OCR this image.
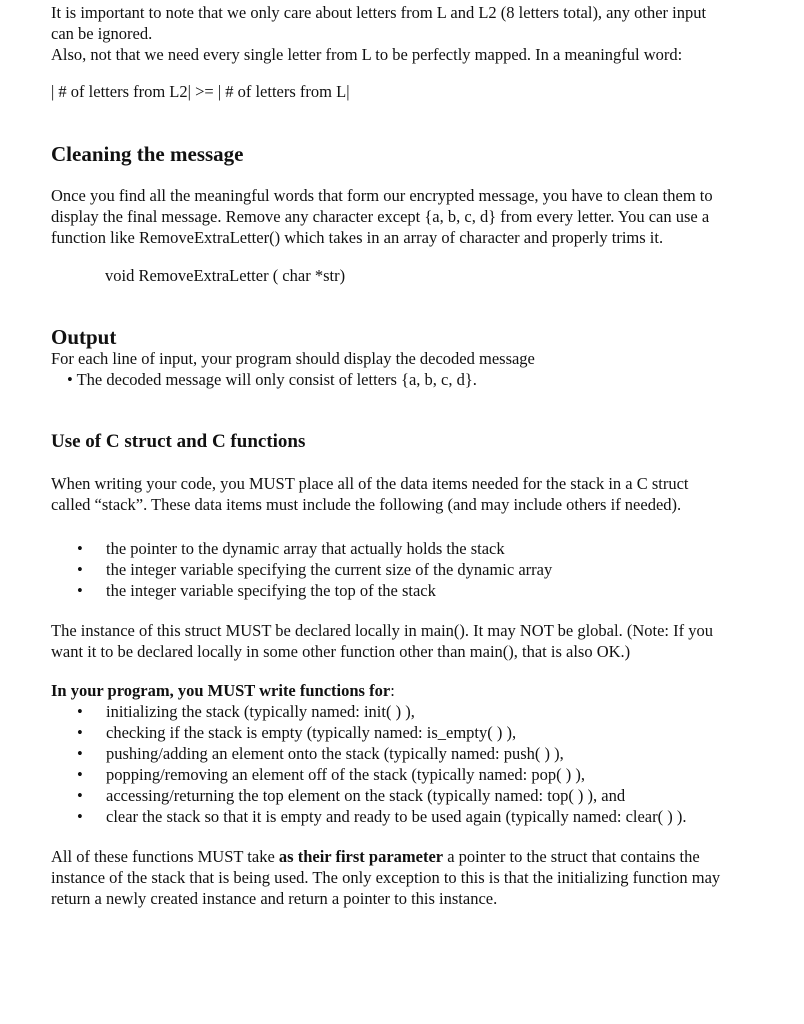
It is important to note that we only care about letters from L and L2 (8 letters total), any other input
can be ignored.
Also, not that we need every single letter from L to be perfectly mapped. In a meaningful word:
| # of letters from L2| >= | # of letters from L|
Cleaning the message
Once you find all the meaningful words that form our encrypted message, you have to clean them to
display the final message. Remove any character except {a, b, c, d} from every letter. You can use a
function like RemoveExtraLetter() which takes in an array of character and properly trims it.
void RemoveExtraLetter ( char *str)
Output
For each line of input, your program should display the decoded message
• The decoded message will only consist of letters {a, b, c, d}.
Use of C struct and C functions
When writing your code, you MUST place all of the data items needed for the stack in a C struct
called “stack”. These data items must include the following (and may include others if needed).
• the pointer to the dynamic array that actually holds the stack
• the integer variable specifying the current size of the dynamic array
• the integer variable specifying the top of the stack
The instance of this struct MUST be declared locally in main(). It may NOT be global. (Note: If you
want it to be declared locally in some other function other than main(), that is also OK.)
In your program, you MUST write functions for:
• initializing the stack (typically named: init( ) ),
• checking if the stack is empty (typically named: is_empty( ) ),
• pushing/adding an element onto the stack (typically named: push( ) ),
• popping/removing an element off of the stack (typically named: pop( ) ),
• accessing/returning the top element on the stack (typically named: top( ) ), and
• clear the stack so that it is empty and ready to be used again (typically named: clear( ) ).
All of these functions MUST take as their first parameter a pointer to the struct that contains the
instance of the stack that is being used. The only exception to this is that the initializing function may
return a newly created instance and return a pointer to this instance.
